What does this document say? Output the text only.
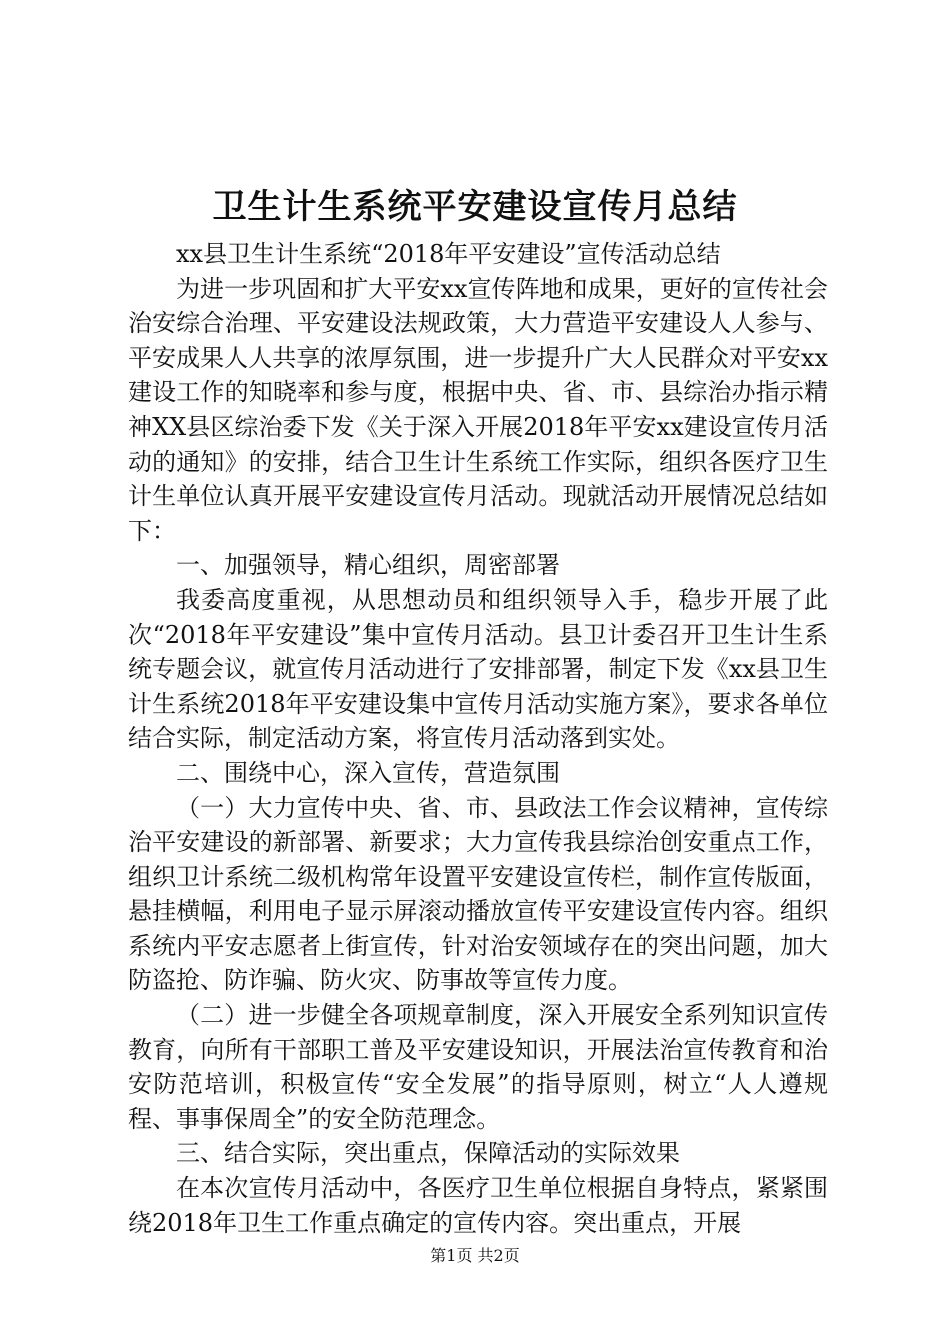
卫生计生系统平安建设宣传月总结

xx县卫生计生系统“2018年平安建设”宣传活动总结

为进一步巩固和扩大平安xx宣传阵地和成果，更好的宣传社会治安综合治理、平安建设法规政策，大力营造平安建设人人参与、平安成果人人共享的浓厚氛围，进一步提升广大人民群众对平安xx建设工作的知晓率和参与度，根据中央、省、市、县综治办指示精神XX县区综治委下发《关于深入开展2018年平安xx建设宣传月活动的通知》的安排，结合卫生计生系统工作实际，组织各医疗卫生计生单位认真开展平安建设宣传月活动。现就活动开展情况总结如下：

一、加强领导，精心组织，周密部署

我委高度重视，从思想动员和组织领导入手，稳步开展了此次“2018年平安建设”集中宣传月活动。县卫计委召开卫生计生系统专题会议，就宣传月活动进行了安排部署，制定下发《xx县卫生计生系统2018年平安建设集中宣传月活动实施方案》，要求各单位结合实际，制定活动方案，将宣传月活动落到实处。

二、围绕中心，深入宣传，营造氛围

（一）大力宣传中央、省、市、县政法工作会议精神，宣传综治平安建设的新部署、新要求；大力宣传我县综治创安重点工作，组织卫计系统二级机构常年设置平安建设宣传栏，制作宣传版面，悬挂横幅，利用电子显示屏滚动播放宣传平安建设宣传内容。组织系统内平安志愿者上街宣传，针对治安领域存在的突出问题，加大防盗抢、防诈骗、防火灾、防事故等宣传力度。

（二）进一步健全各项规章制度，深入开展安全系列知识宣传教育，向所有干部职工普及平安建设知识，开展法治宣传教育和治安防范培训，积极宣传“安全发展”的指导原则，树立“人人遵规程、事事保周全”的安全防范理念。

三、结合实际，突出重点，保障活动的实际效果

在本次宣传月活动中，各医疗卫生单位根据自身特点，紧紧围绕2018年卫生工作重点确定的宣传内容。突出重点，开展

第1页 共2页
